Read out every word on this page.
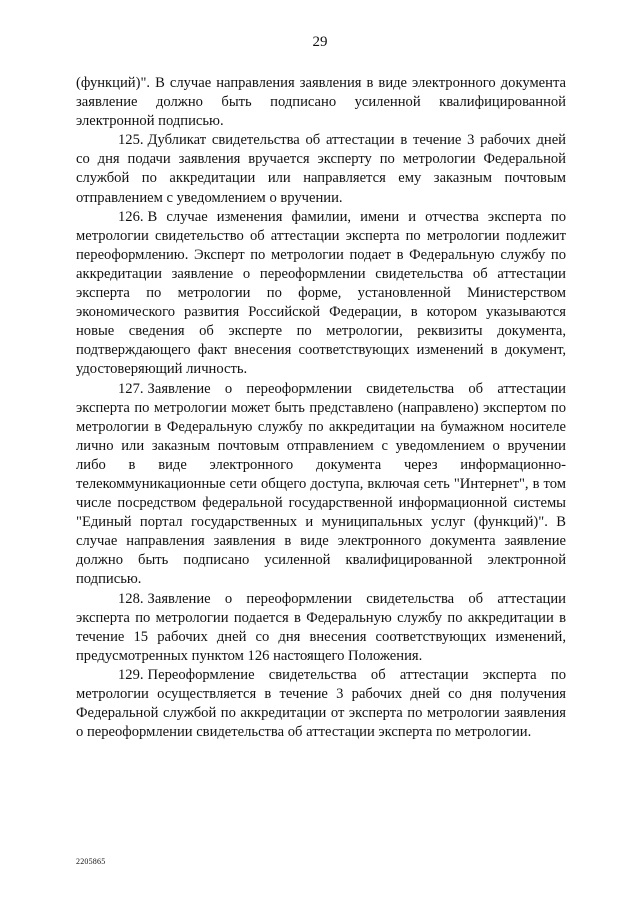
29

(функций)". В случае направления заявления в виде электронного документа заявление должно быть подписано усиленной квалифицированной электронной подписью.

125. Дубликат свидетельства об аттестации в течение 3 рабочих дней со дня подачи заявления вручается эксперту по метрологии Федеральной службой по аккредитации или направляется ему заказным почтовым отправлением с уведомлением о вручении.

126. В случае изменения фамилии, имени и отчества эксперта по метрологии свидетельство об аттестации эксперта по метрологии подлежит переоформлению. Эксперт по метрологии подает в Федеральную службу по аккредитации заявление о переоформлении свидетельства об аттестации эксперта по метрологии по форме, установленной Министерством экономического развития Российской Федерации, в котором указываются новые сведения об эксперте по метрологии, реквизиты документа, подтверждающего факт внесения соответствующих изменений в документ, удостоверяющий личность.

127. Заявление о переоформлении свидетельства об аттестации эксперта по метрологии может быть представлено (направлено) экспертом по метрологии в Федеральную службу по аккредитации на бумажном носителе лично или заказным почтовым отправлением с уведомлением о вручении либо в виде электронного документа через информационно-телекоммуникационные сети общего доступа, включая сеть "Интернет", в том числе посредством федеральной государственной информационной системы "Единый портал государственных и муниципальных услуг (функций)". В случае направления заявления в виде электронного документа заявление должно быть подписано усиленной квалифицированной электронной подписью.

128. Заявление о переоформлении свидетельства об аттестации эксперта по метрологии подается в Федеральную службу по аккредитации в течение 15 рабочих дней со дня внесения соответствующих изменений, предусмотренных пунктом 126 настоящего Положения.

129. Переоформление свидетельства об аттестации эксперта по метрологии осуществляется в течение 3 рабочих дней со дня получения Федеральной службой по аккредитации от эксперта по метрологии заявления о переоформлении свидетельства об аттестации эксперта по метрологии.

2205865
